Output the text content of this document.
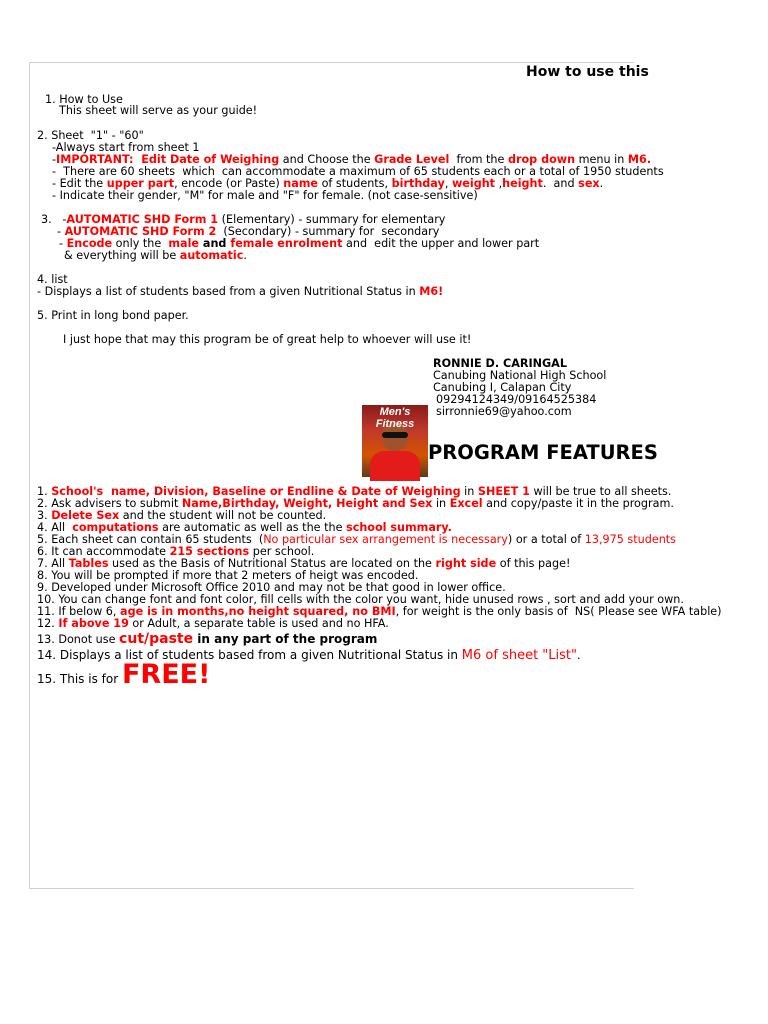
How to use this
1. How to Use
This sheet will serve as your guide!
2. Sheet  "1" - "60"
-Always start from sheet 1
-IMPORTANT:  Edit Date of Weighing and Choose the Grade Level  from the drop down menu in M6.
-  There are 60 sheets  which  can accommodate a maximum of 65 students each or a total of 1950 students
- Edit the upper part, encode (or Paste) name of students, birthday, weight ,height.  and sex.
- Indicate their gender, "M" for male and "F" for female. (not case-sensitive)
3.   -AUTOMATIC SHD Form 1 (Elementary) - summary for elementary
- AUTOMATIC SHD Form 2  (Secondary) - summary for  secondary
- Encode only the  male and female enrolment and  edit the upper and lower part
& everything will be automatic.
4. list
- Displays a list of students based from a given Nutritional Status in M6!
5. Print in long bond paper.
I just hope that may this program be of great help to whoever will use it!
RONNIE D. CARINGAL
Canubing National High School
Canubing I, Calapan City
09294124349/09164525384
sirronnie69@yahoo.com
Men's Fitness
PROGRAM FEATURES
1. School's  name, Division, Baseline or Endline & Date of Weighing in SHEET 1 will be true to all sheets.
2. Ask advisers to submit Name,Birthday, Weight, Height and Sex in Excel and copy/paste it in the program.
3. Delete Sex and the student will not be counted.
4. All  computations are automatic as well as the the school summary.
5. Each sheet can contain 65 students  (No particular sex arrangement is necessary) or a total of 13,975 students
6. It can accommodate 215 sections per school.
7. All Tables used as the Basis of Nutritional Status are located on the right side of this page!
8. You will be prompted if more that 2 meters of heigt was encoded.
9. Developed under Microsoft Office 2010 and may not be that good in lower office.
10. You can change font and font color, fill cells with the color you want, hide unused rows , sort and add your own.
11. If below 6, age is in months,no height squared, no BMI, for weight is the only basis of  NS( Please see WFA table)
12. If above 19 or Adult, a separate table is used and no HFA.
13. Donot use cut/paste in any part of the program
14. Displays a list of students based from a given Nutritional Status in M6 of sheet "List".
15. This is for FREE!
